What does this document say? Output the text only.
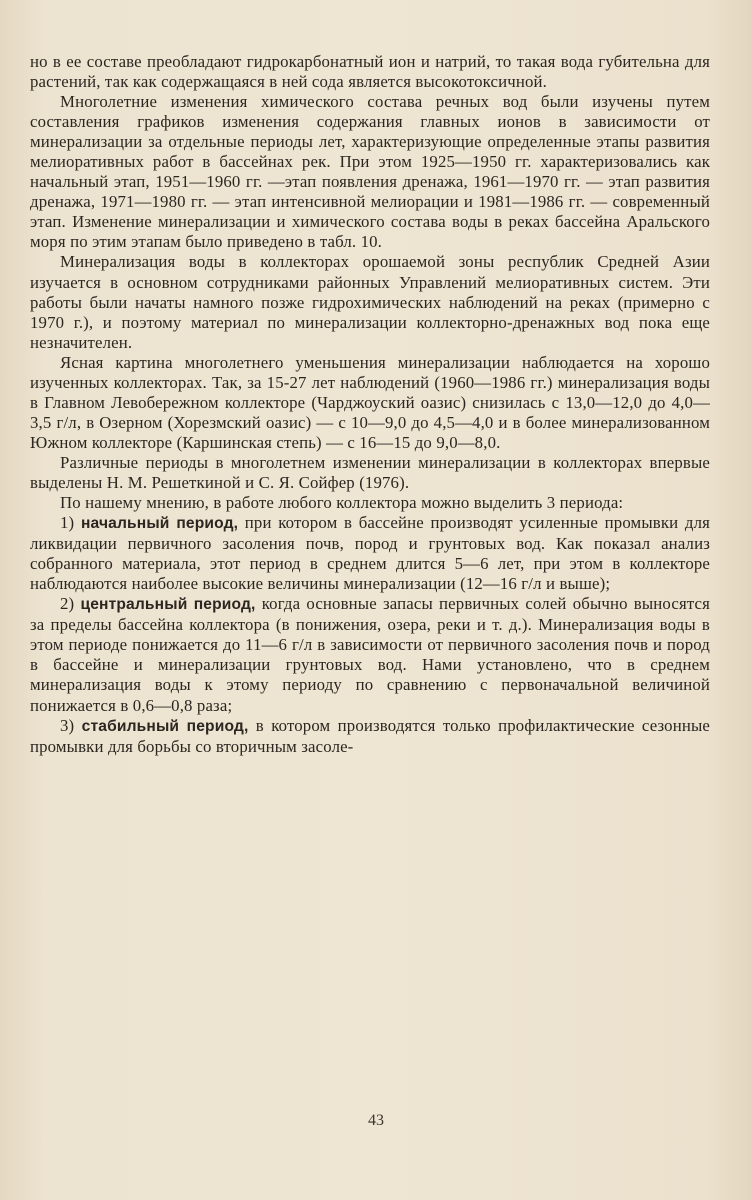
но в ее составе преобладают гидрокарбонатный ион и натрий, то такая вода губительна для растений, так как содержащаяся в ней сода является высокотоксичной.

Многолетние изменения химического состава речных вод были изучены путем составления графиков изменения содержания главных ионов в зависимости от минерализации за отдельные периоды лет, характеризующие определенные этапы развития мелиоративных работ в бассейнах рек. При этом 1925—1950 гг. характеризовались как начальный этап, 1951—1960 гг. —этап появления дренажа, 1961—1970 гг. — этап развития дренажа, 1971—1980 гг. — этап интенсивной мелиорации и 1981—1986 гг. — современный этап. Изменение минерализации и химического состава воды в реках бассейна Аральского моря по этим этапам было приведено в табл. 10.

Минерализация воды в коллекторах орошаемой зоны республик Средней Азии изучается в основном сотрудниками районных Управлений мелиоративных систем. Эти работы были начаты намного позже гидрохимических наблюдений на реках (примерно с 1970 г.), и поэтому материал по минерализации коллекторно-дренажных вод пока еще незначителен.

Ясная картина многолетнего уменьшения минерализации наблюдается на хорошо изученных коллекторах. Так, за 15-27 лет наблюдений (1960—1986 гг.) минерализация воды в Главном Левобережном коллекторе (Чарджоуский оазис) снизилась с 13,0—12,0 до 4,0—3,5 г/л, в Озерном (Хорезмский оазис) — с 10—9,0 до 4,5—4,0 и в более минерализованном Южном коллекторе (Каршинская степь) — с 16—15 до 9,0—8,0.

Различные периоды в многолетнем изменении минерализации в коллекторах впервые выделены Н. М. Решеткиной и С. Я. Сойфер (1976).

По нашему мнению, в работе любого коллектора можно выделить 3 периода:

1) начальный период, при котором в бассейне производят усиленные промывки для ликвидации первичного засоления почв, пород и грунтовых вод. Как показал анализ собранного материала, этот период в среднем длится 5—6 лет, при этом в коллекторе наблюдаются наиболее высокие величины минерализации (12—16 г/л и выше);

2) центральный период, когда основные запасы первичных солей обычно выносятся за пределы бассейна коллектора (в понижения, озера, реки и т. д.). Минерализация воды в этом периоде понижается до 11—6 г/л в зависимости от первичного засоления почв и пород в бассейне и минерализации грунтовых вод. Нами установлено, что в среднем минерализация воды к этому периоду по сравнению с первоначальной величиной понижается в 0,6—0,8 раза;

3) стабильный период, в котором производятся только профилактические сезонные промывки для борьбы со вторичным засоле-

43
